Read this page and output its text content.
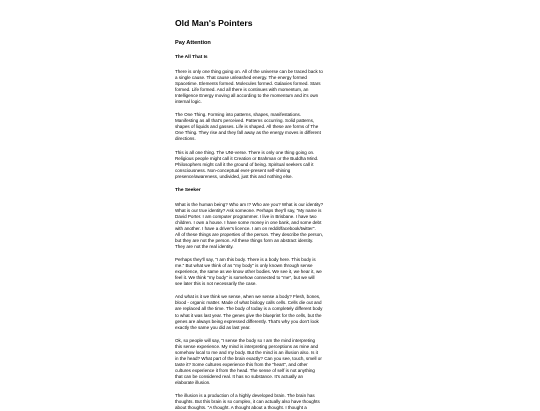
Old Man's Pointers
Pay Attention
The All That Is

There is only one thing going on. All of the universe can be traced back to
a single cause. That cause unleashed energy. The energy formed
Spacetime. Elements formed. Molecules formed. Galaxies formed. Stars
formed. Life formed. And all there is continues with momentum, an
Intelligence Energy moving all according to the momentum and it's own
internal logic.

The One Thing. Forming into patterns, shapes, manifestations.
Manifesting as all that's perceived. Patterns occurring. Solid patterns,
shapes of liquids and gasses. Life is shaped. All these are forms of The
One Thing. They rise and they fall away as the energy moves in different
directions.

This is all one thing. The UNI-verse. There is only one thing going on.
Religious people might call it Creation or Brahman or the Buddha Mind.
Philosophers might call it the ground of being. Spiritual seekers call it
consciousness. Non-conceptual ever-present self-shining
presence/awareness, undivided, just this and nothing else.

The Seeker

What is the human being? Who am I? Who are you? What is our identity?
What is our true identity? Ask someone. Perhaps they'll say, "My name is
David Porter. I am computer programmer. I live in Brisbane. I have two
children. I own a house. I have some money in one bank, and some debt
with another. I have a driver's licence. I am on reddit/facebook/twitter".
All of these things are properties of the person. They describe the person,
but they are not the person. All these things form an abstract identity.
They are not the real identity.

Perhaps they'll say, "I am this body. There is a body here. This body is
me." But what we think of as "my body" is only known through sense
experience, the same as we know other bodies. We see it, we hear it, we
feel it. We think "my body" is somehow connected to "me", but we will
see later this is not necessarily the case.

And what is it we think we sense, when we sense a body? Flesh, bones,
blood - organic matter. Made of what biology calls cells. Cells die out and
are replaced all the time. The body of today is a completely different body
to what it was last year. The genes give the blueprint for the cells, but the
genes are always being expressed differently. That's why you don't look
exactly the same you did as last year.

Ok, so people will say, "I sense the body so I am the mind interpreting
this sense experience. My mind is interpreting perceptions as mine and
somehow local to me and my body. But the mind is an illusion also. Is it
in the head? What part of the brain exactly? Can you see, touch, smell or
taste it? Some cultures experience this from the "heart", and other
cultures experience it from the head. The sense of self is not anything
that can be considered real. It has no substance. It's actually an
elaborate illusion.

The illusion is a production of a highly developed brain. The brain has
thoughts. But this brain is so complex, it can actually also have thoughts
about thoughts. "A thought. A thought about a thought. I thought a
